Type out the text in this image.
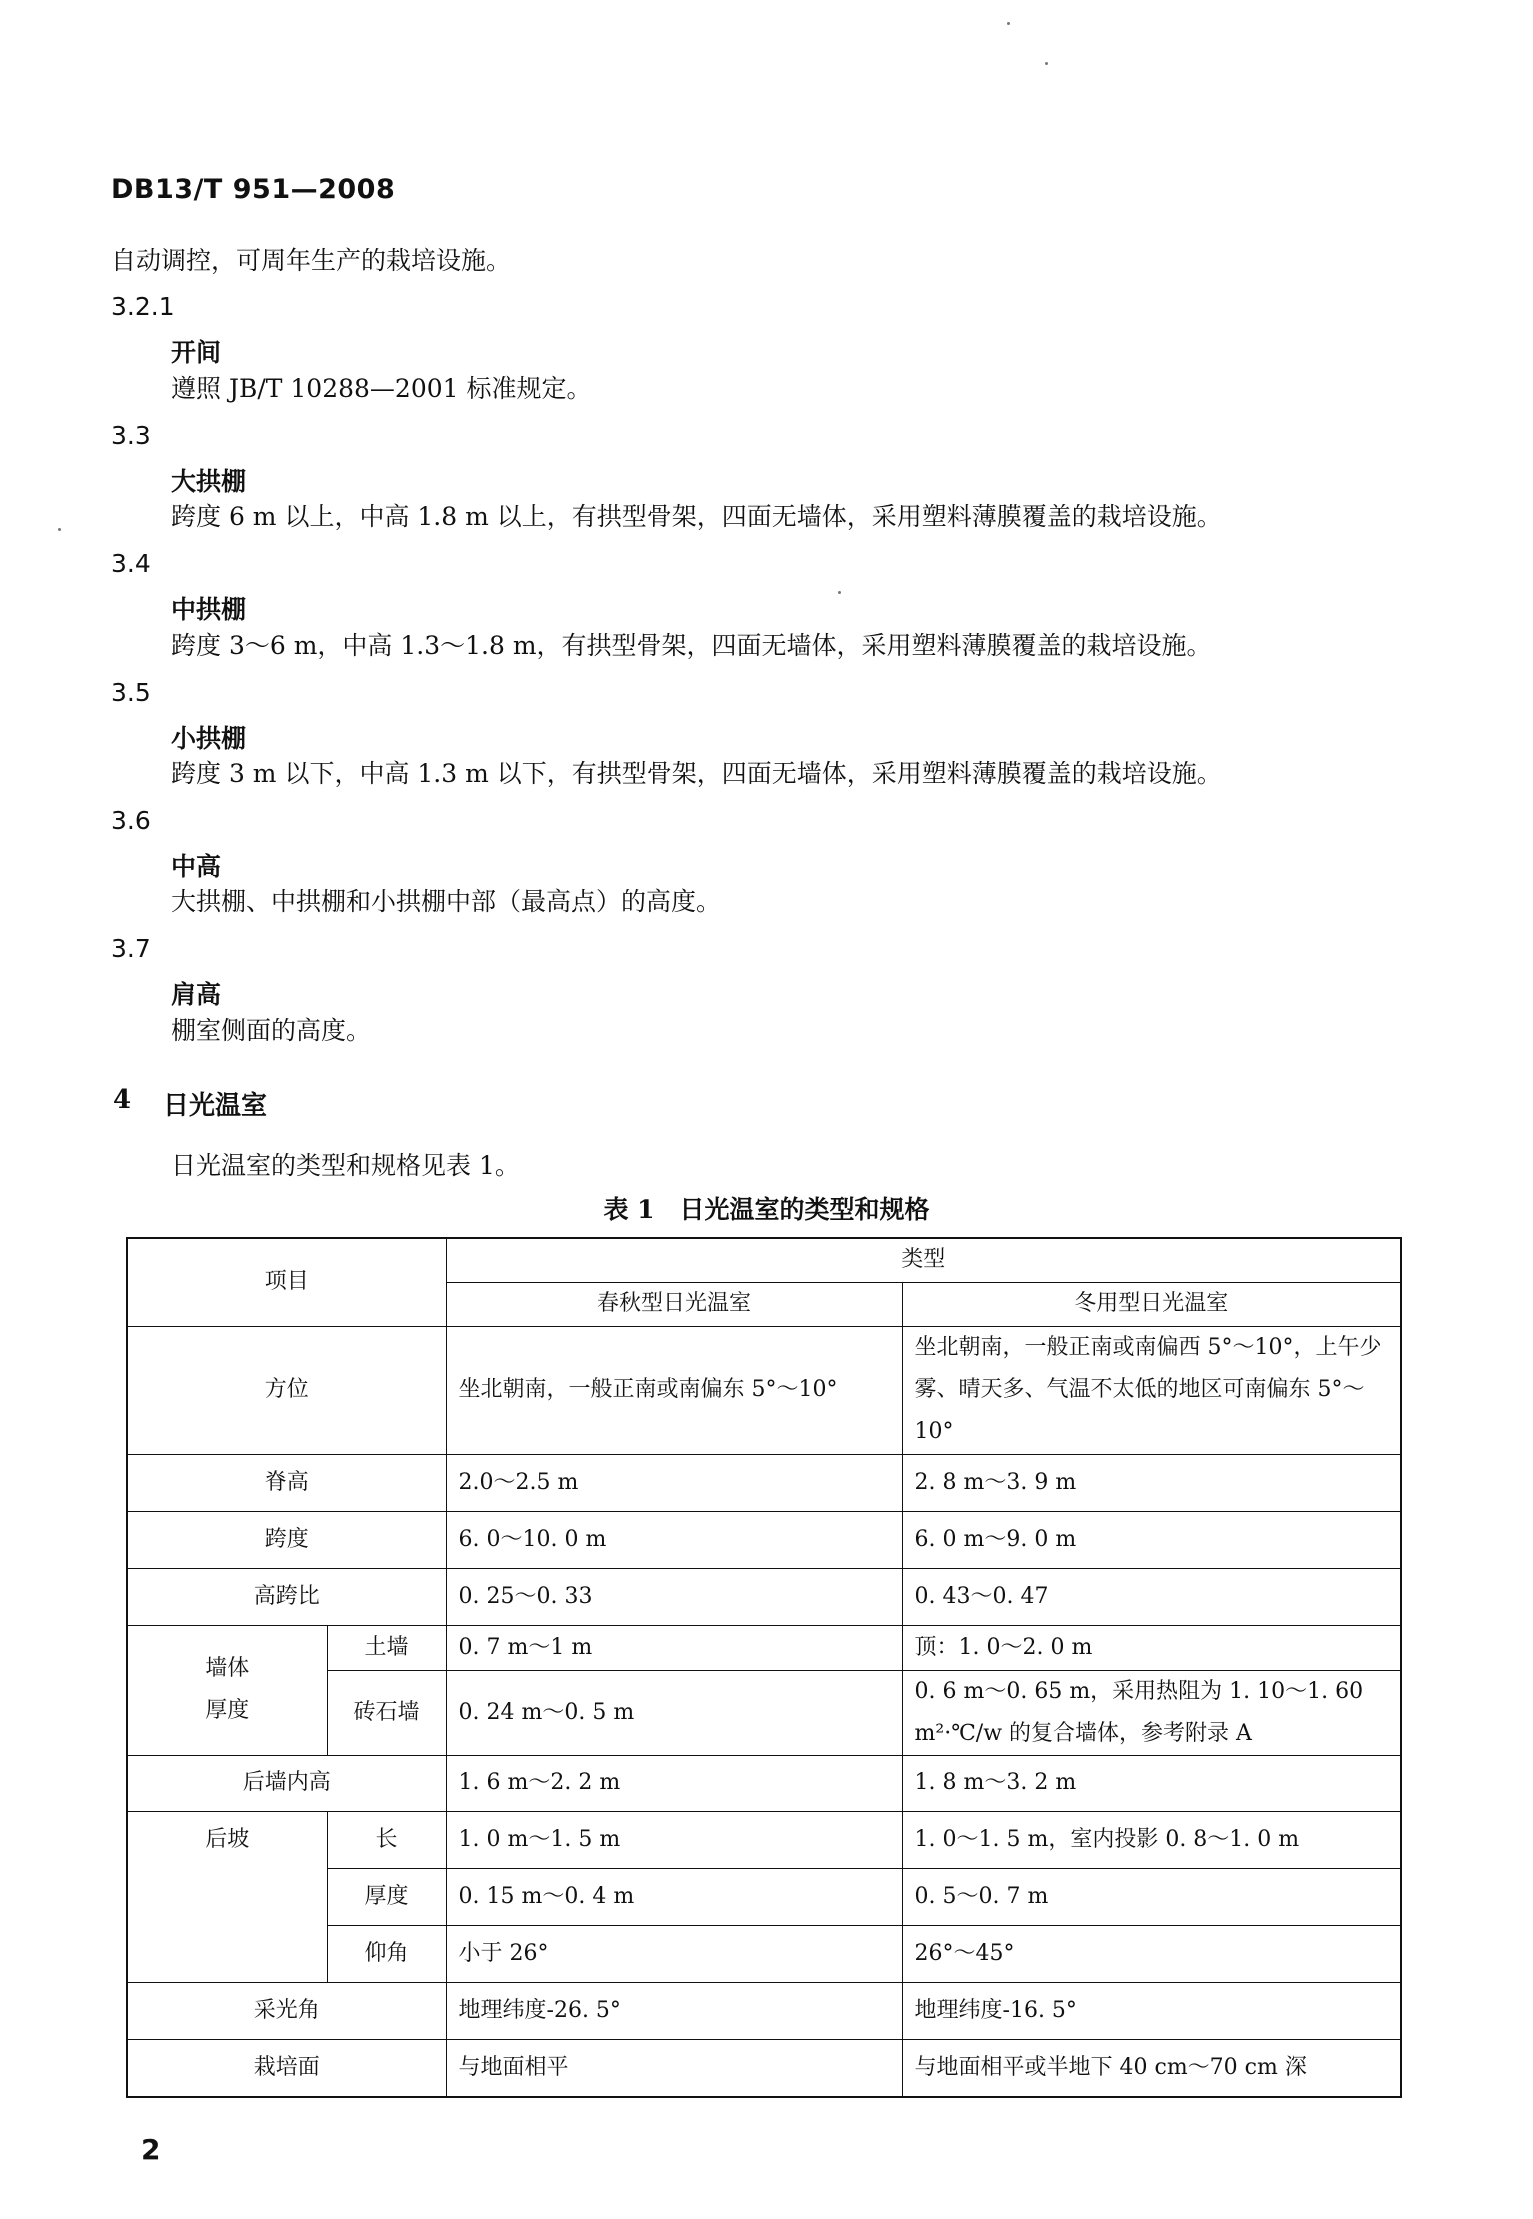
DB13/T 951—2008
自动调控，可周年生产的栽培设施。
3.2.1
开间
遵照 JB/T 10288—2001 标准规定。
3.3
大拱棚
跨度 6 m 以上，中高 1.8 m 以上，有拱型骨架，四面无墙体，采用塑料薄膜覆盖的栽培设施。
3.4
中拱棚
跨度 3～6 m，中高 1.3～1.8 m，有拱型骨架，四面无墙体，采用塑料薄膜覆盖的栽培设施。
3.5
小拱棚
跨度 3 m 以下，中高 1.3 m 以下，有拱型骨架，四面无墙体，采用塑料薄膜覆盖的栽培设施。
3.6
中高
大拱棚、中拱棚和小拱棚中部（最高点）的高度。
3.7
肩高
棚室侧面的高度。
4 日光温室
日光温室的类型和规格见表 1。
表 1　日光温室的类型和规格
项目		类型	
		春秋型日光温室	冬用型日光温室
方位		坐北朝南，一般正南或南偏东 5°～10°	坐北朝南，一般正南或南偏西 5°～10°，上午少雾、晴天多、气温不太低的地区可南偏东 5°～10°
脊高		2.0～2.5 m	2. 8 m～3. 9 m
跨度		6. 0～10. 0 m	6. 0 m～9. 0 m
高跨比		0. 25～0. 33	0. 43～0. 47
墙体
厚度	土墙	0. 7 m～1 m	顶：1. 0～2. 0 m
	砖石墙	0. 24 m～0. 5 m	0. 6 m～0. 65 m，采用热阻为 1. 10～1. 60
m²·℃/w 的复合墙体，参考附录 A
后墙内高		1. 6 m～2. 2 m	1. 8 m～3. 2 m
后坡	长	1. 0 m～1. 5 m	1. 0～1. 5 m，室内投影 0. 8～1. 0 m
	厚度	0. 15 m～0. 4 m	0. 5～0. 7 m
	仰角	小于 26°	26°～45°
采光角		地理纬度-26. 5°	地理纬度-16. 5°
栽培面		与地面相平	与地面相平或半地下 40 cm～70 cm 深
2
